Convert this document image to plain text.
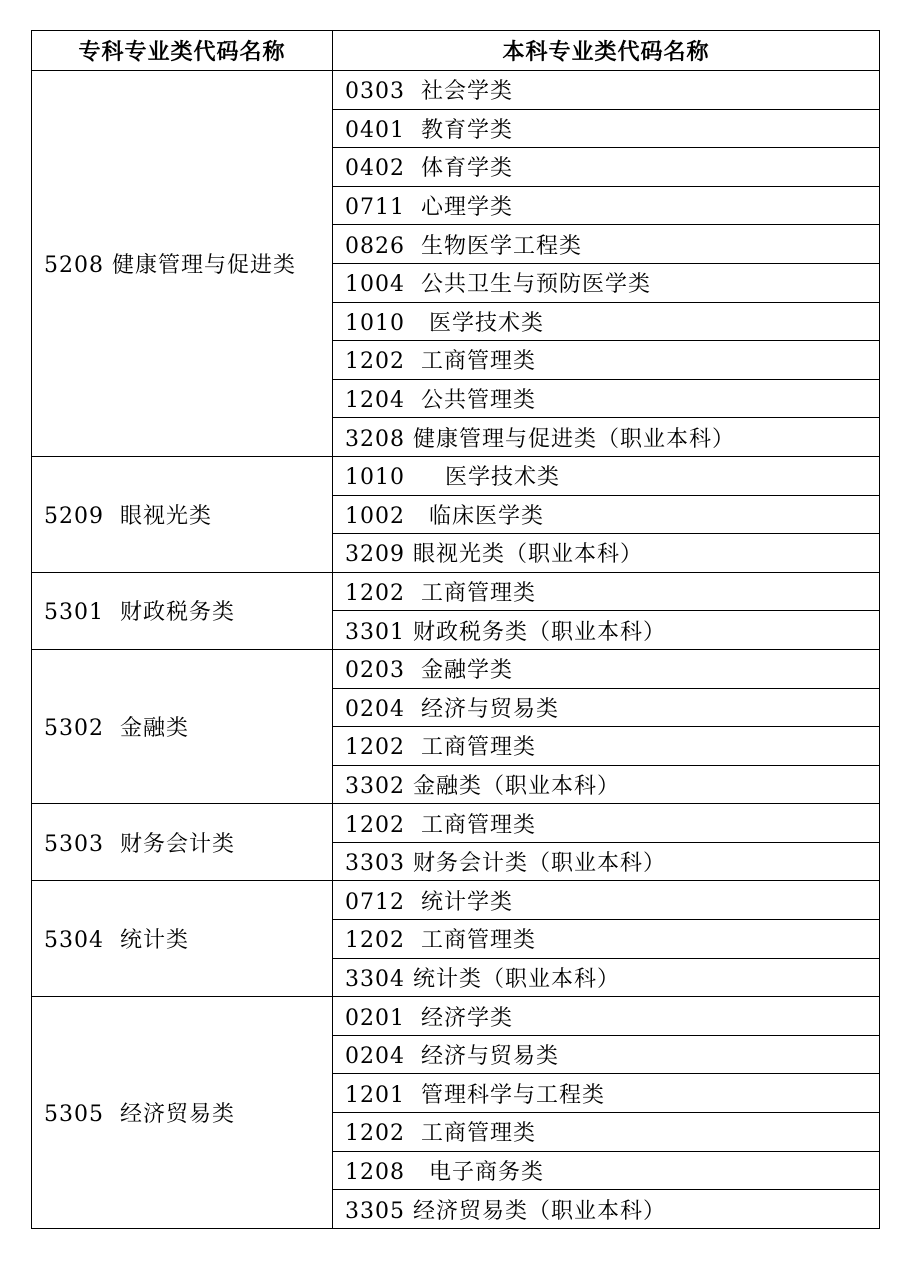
专科专业类代码名称	本科专业类代码名称
5208 健康管理与促进类	0303  社会学类
	0401  教育学类
	0402  体育学类
	0711  心理学类
	0826  生物医学工程类
	1004  公共卫生与预防医学类
	1010   医学技术类
	1202  工商管理类
	1204  公共管理类
	3208 健康管理与促进类（职业本科）
5209  眼视光类	1010     医学技术类
	1002   临床医学类
	3209 眼视光类（职业本科）
5301  财政税务类	1202  工商管理类
	3301 财政税务类（职业本科）
5302  金融类	0203  金融学类
	0204  经济与贸易类
	1202  工商管理类
	3302 金融类（职业本科）
5303  财务会计类	1202  工商管理类
	3303 财务会计类（职业本科）
5304  统计类	0712  统计学类
	1202  工商管理类
	3304 统计类（职业本科）
5305  经济贸易类	0201  经济学类
	0204  经济与贸易类
	1201  管理科学与工程类
	1202  工商管理类
	1208   电子商务类
	3305 经济贸易类（职业本科）
